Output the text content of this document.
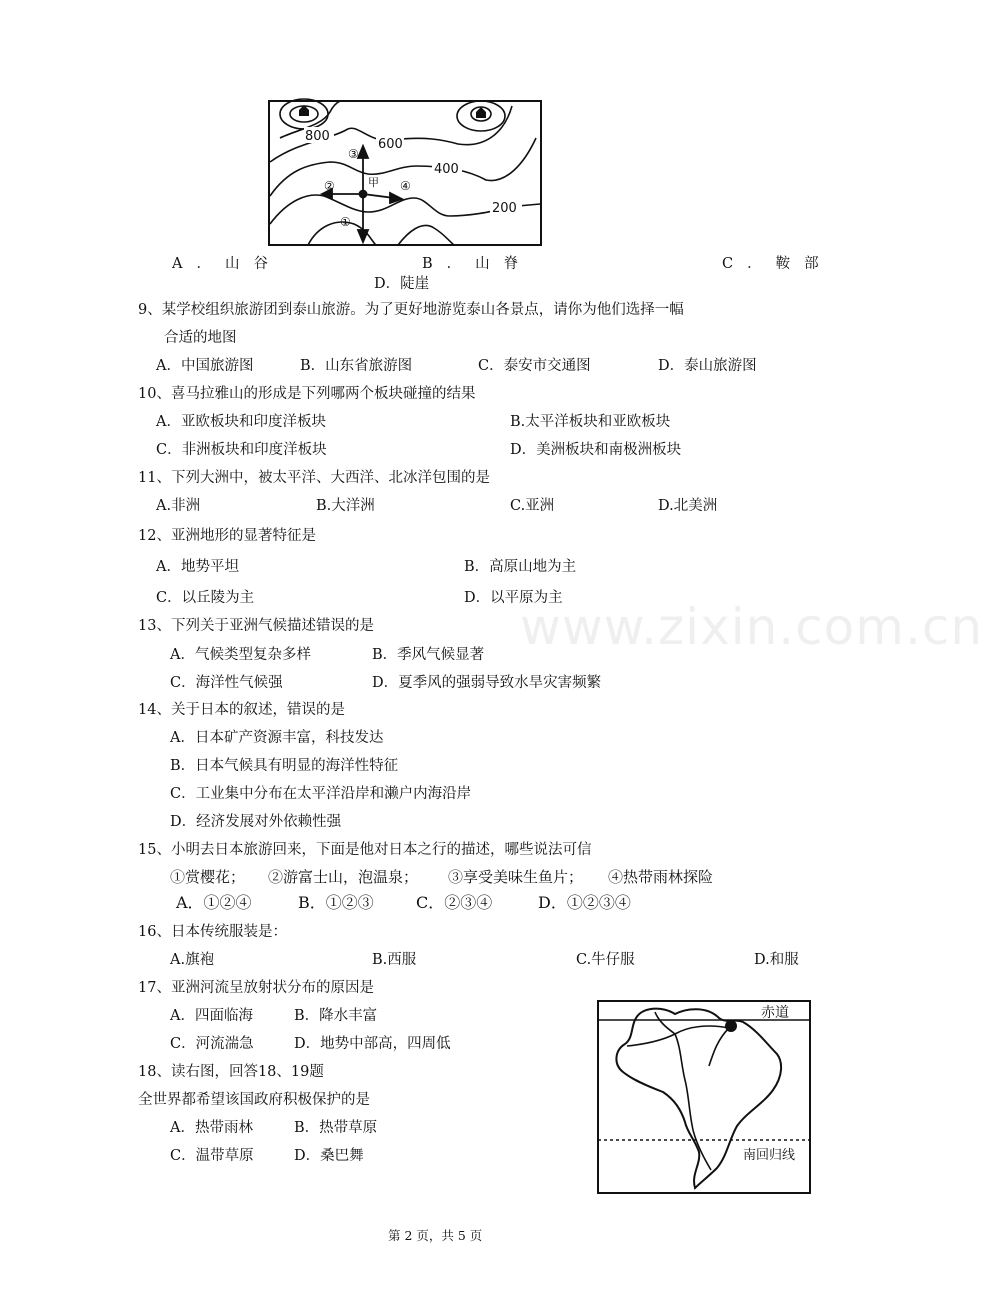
800
600
400
200
③
②	甲 ④
①
A．山谷	B．山脊	C．鞍部
D．陡崖
9、某学校组织旅游团到泰山旅游。为了更好地游览泰山各景点，请你为他们选择一幅
合适的地图
A．中国旅游图	B．山东省旅游图	C．泰安市交通图	D．泰山旅游图
10、喜马拉雅山的形成是下列哪两个板块碰撞的结果
A．亚欧板块和印度洋板块	B.太平洋板块和亚欧板块
C．非洲板块和印度洋板块	D．美洲板块和南极洲板块
11、下列大洲中，被太平洋、大西洋、北冰洋包围的是
A.非洲	B.大洋洲	C.亚洲	D.北美洲
12、亚洲地形的显著特征是
A．地势平坦	B．高原山地为主
C．以丘陵为主	D．以平原为主
www.zixin.com.cn
13、下列关于亚洲气候描述错误的是
A．气候类型复杂多样	B．季风气候显著
C．海洋性气候强	D．夏季风的强弱导致水旱灾害频繁
14、关于日本的叙述，错误的是
A．日本矿产资源丰富，科技发达
B．日本气候具有明显的海洋性特征
C．工业集中分布在太平洋沿岸和濑户内海沿岸
D．经济发展对外依赖性强
15、小明去日本旅游回来，下面是他对日本之行的描述，哪些说法可信
①赏樱花； ②游富士山，泡温泉； ③享受美味生鱼片； ④热带雨林探险
A．①②④	B．①②③	C．②③④	D．①②③④
16、日本传统服装是：
A.旗袍	B.西服	C.牛仔服	D.和服
17、亚洲河流呈放射状分布的原因是
A．四面临海	B．降水丰富
C．河流湍急	D．地势中部高，四周低
18、读右图，回答18、19题
全世界都希望该国政府积极保护的是
A．热带雨林	B．热带草原
C．温带草原	D．桑巴舞
赤道
南回归线
第 2 页，共 5 页
